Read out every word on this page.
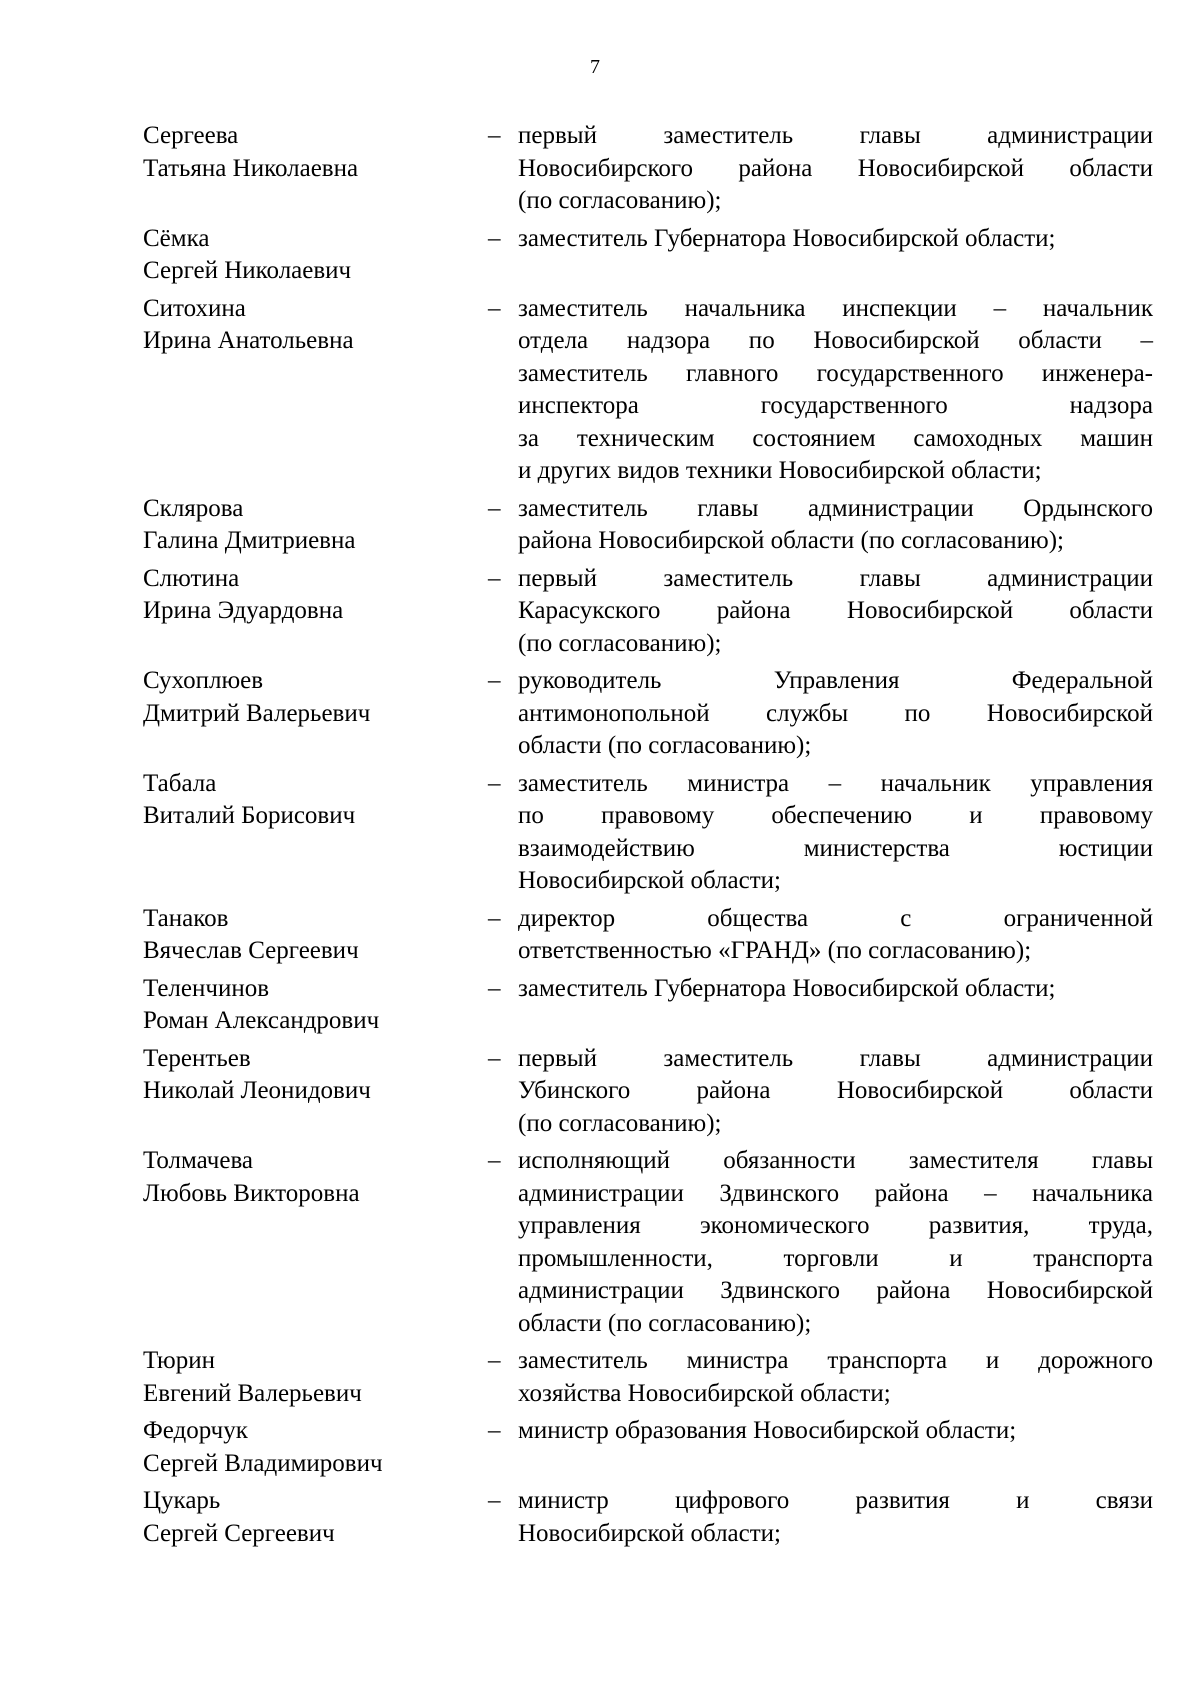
7
Сергеева
Татьяна Николаевна
– первый заместитель главы администрации
Новосибирского района Новосибирской области
(по согласованию);
Сёмка
Сергей Николаевич
– заместитель Губернатора Новосибирской области;
Ситохина
Ирина Анатольевна
– заместитель начальника инспекции – начальник
отдела надзора по Новосибирской области –
заместитель главного государственного инженера-
инспектора государственного надзора
за техническим состоянием самоходных машин
и других видов техники Новосибирской области;
Склярова
Галина Дмитриевна
– заместитель главы администрации Ордынского
района Новосибирской области (по согласованию);
Слютина
Ирина Эдуардовна
– первый заместитель главы администрации
Карасукского района Новосибирской области
(по согласованию);
Сухоплюев
Дмитрий Валерьевич
– руководитель Управления Федеральной
антимонопольной службы по Новосибирской
области (по согласованию);
Табала
Виталий Борисович
– заместитель министра – начальник управления
по правовому обеспечению и правовому
взаимодействию министерства юстиции
Новосибирской области;
Танаков
Вячеслав Сергеевич
– директор общества с ограниченной
ответственностью «ГРАНД» (по согласованию);
Теленчинов
Роман Александрович
– заместитель Губернатора Новосибирской области;
Терентьев
Николай Леонидович
– первый заместитель главы администрации
Убинского района Новосибирской области
(по согласованию);
Толмачева
Любовь Викторовна
– исполняющий обязанности заместителя главы
администрации Здвинского района – начальника
управления экономического развития, труда,
промышленности, торговли и транспорта
администрации Здвинского района Новосибирской
области (по согласованию);
Тюрин
Евгений Валерьевич
– заместитель министра транспорта и дорожного
хозяйства Новосибирской области;
Федорчук
Сергей Владимирович
– министр образования Новосибирской области;
Цукарь
Сергей Сергеевич
– министр цифрового развития и связи
Новосибирской области;
